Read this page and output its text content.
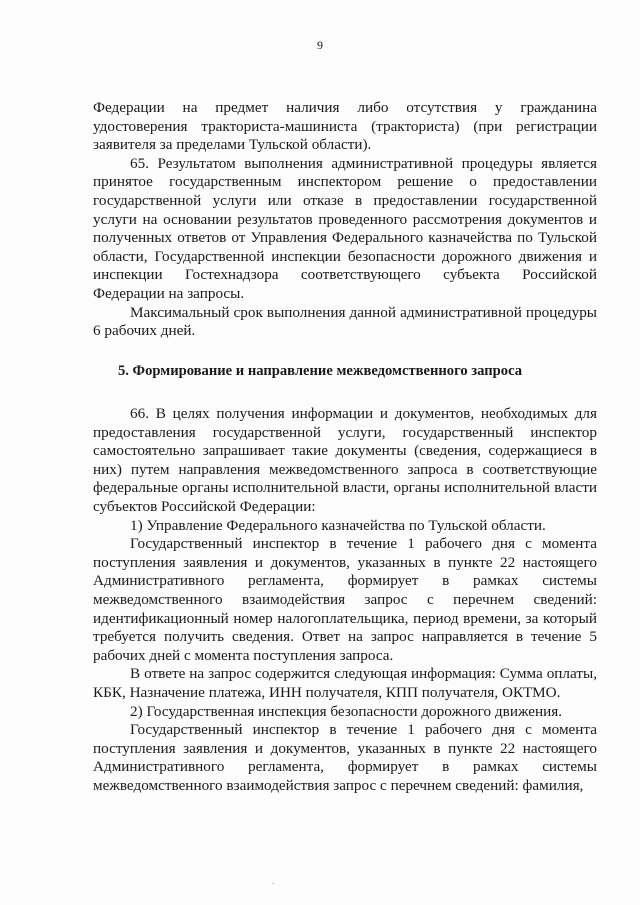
9

Федерации на предмет наличия либо отсутствия у гражданина удостоверения тракториста-машиниста (тракториста) (при регистрации заявителя за пределами Тульской области).

65. Результатом выполнения административной процедуры является принятое государственным инспектором решение о предоставлении государственной услуги или отказе в предоставлении государственной услуги на основании результатов проведенного рассмотрения документов и полученных ответов от Управления Федерального казначейства по Тульской области, Государственной инспекции безопасности дорожного движения и инспекции Гостехнадзора соответствующего субъекта Российской Федерации на запросы.

Максимальный срок выполнения данной административной процедуры 6 рабочих дней.

5. Формирование и направление межведомственного запроса

66. В целях получения информации и документов, необходимых для предоставления государственной услуги, государственный инспектор самостоятельно запрашивает такие документы (сведения, содержащиеся в них) путем направления межведомственного запроса в соответствующие федеральные органы исполнительной власти, органы исполнительной власти субъектов Российской Федерации:

1) Управление Федерального казначейства по Тульской области.

Государственный инспектор в течение 1 рабочего дня с момента поступления заявления и документов, указанных в пункте 22 настоящего Административного регламента, формирует в рамках системы межведомственного взаимодействия запрос с перечнем сведений: идентификационный номер налогоплательщика, период времени, за который требуется получить сведения. Ответ на запрос направляется в течение 5 рабочих дней с момента поступления запроса.

В ответе на запрос содержится следующая информация: Сумма оплаты, КБК, Назначение платежа, ИНН получателя, КПП получателя, ОКТМО.

2) Государственная инспекция безопасности дорожного движения.

Государственный инспектор в течение 1 рабочего дня с момента поступления заявления и документов, указанных в пункте 22 настоящего Административного регламента, формирует в рамках системы межведомственного взаимодействия запрос с перечнем сведений: фамилия,

.
